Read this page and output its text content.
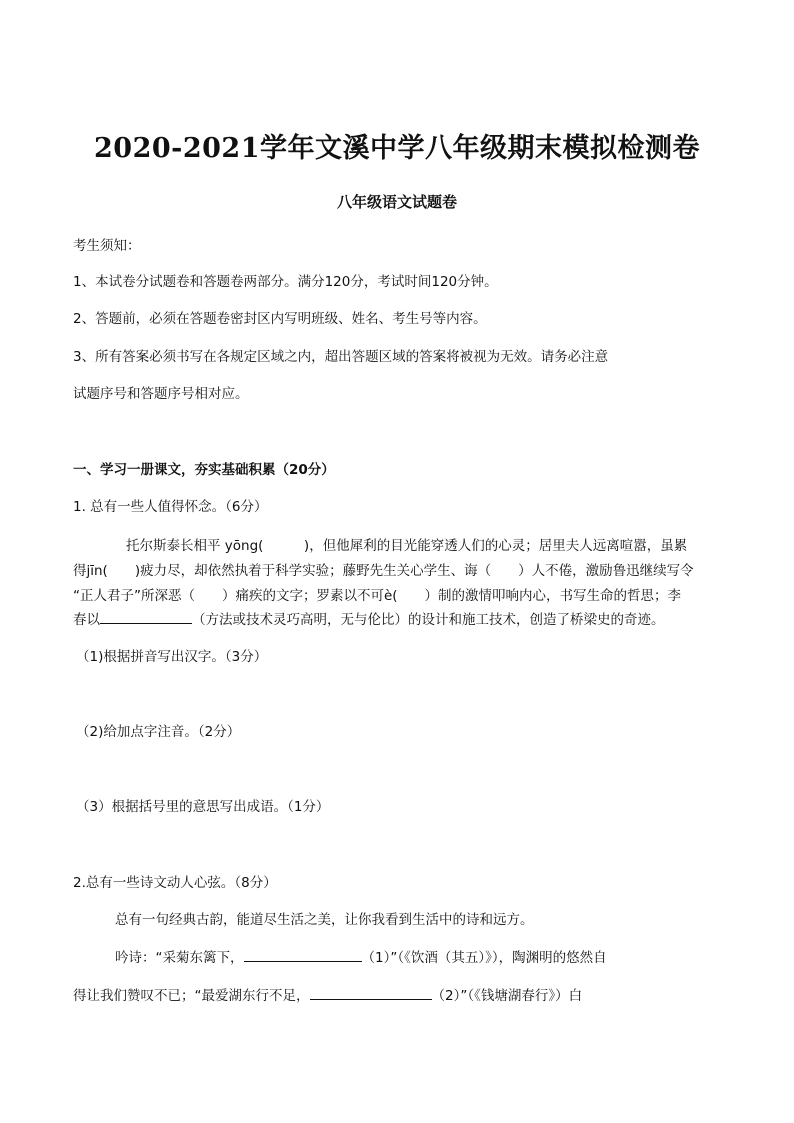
2020-2021学年文溪中学八年级期末模拟检测卷
八年级语文试题卷
考生须知：
1、本试卷分试题卷和答题卷两部分。满分120分，考试时间120分钟。
2、答题前，必须在答题卷密封区内写明班级、姓名、考生号等内容。
3、所有答案必须书写在各规定区域之内，超出答题区域的答案将被视为无效。请务必注意
试题序号和答题序号相对应。
一、学习一册课文，夯实基础积累（20分）
1. 总有一些人值得怀念。（6分）
托尔斯泰长相平 yōng(　　　)，但他犀利的目光能穿透人们的心灵；居里夫人远离喧嚣，虽累
得jīn(　　)疲力尽，却依然执着于科学实验；藤野先生关心学生、诲（　　）人不倦，激励鲁迅继续写令
“正人君子”所深恶（　　）痛疾的文字；罗素以不可è(　　）制的激情叩响内心，书写生命的哲思；李
春以	（方法或技术灵巧高明，无与伦比）的设计和施工技术，创造了桥梁史的奇迹。
（1)根据拼音写出汉字。（3分）
（2)给加点字注音。（2分）
（3）根据括号里的意思写出成语。（1分）
2.总有一些诗文动人心弦。（8分）
总有一句经典古韵，能道尽生活之美，让你我看到生活中的诗和远方。
吟诗：“采菊东篱下，	（1）”（《饮酒（其五）》），陶渊明的悠然自
得让我们赞叹不已；“最爱湖东行不足，	（2）”（《钱塘湖春行》）白
